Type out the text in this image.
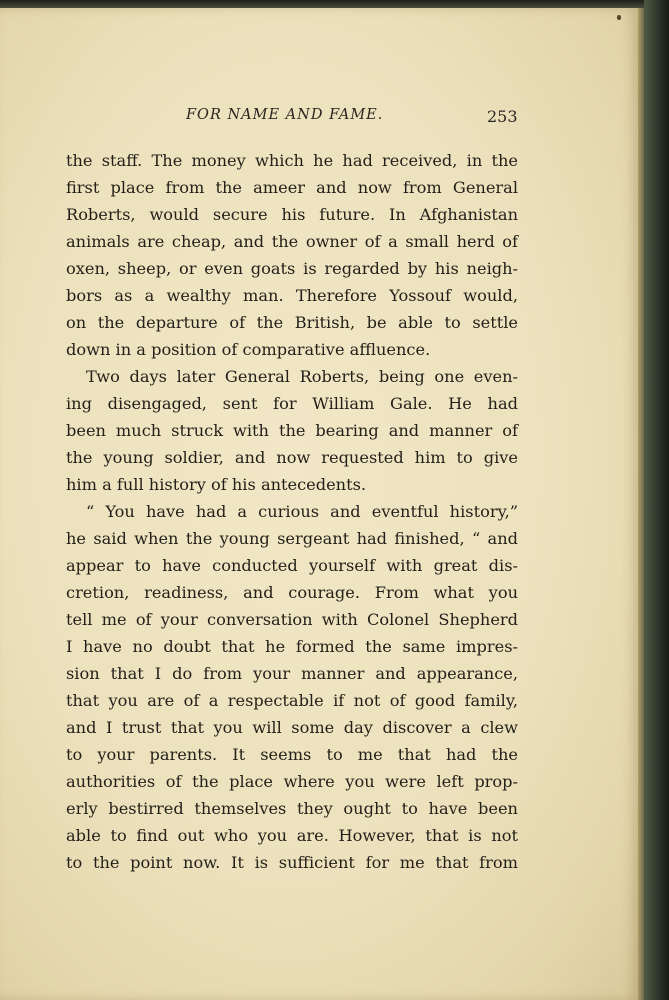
FOR NAME AND FAME.	253
the staff. The money which he had received, in the
first place from the ameer and now from General
Roberts, would secure his future. In Afghanistan
animals are cheap, and the owner of a small herd of
oxen, sheep, or even goats is regarded by his neigh-
bors as a wealthy man. Therefore Yossouf would,
on the departure of the British, be able to settle
down in a position of comparative affluence.
Two days later General Roberts, being one even-
ing disengaged, sent for William Gale. He had
been much struck with the bearing and manner of
the young soldier, and now requested him to give
him a full history of his antecedents.
“ You have had a curious and eventful history,”
he said when the young sergeant had finished, “ and
appear to have conducted yourself with great dis-
cretion, readiness, and courage. From what you
tell me of your conversation with Colonel Shepherd
I have no doubt that he formed the same impres-
sion that I do from your manner and appearance,
that you are of a respectable if not of good family,
and I trust that you will some day discover a clew
to your parents. It seems to me that had the
authorities of the place where you were left prop-
erly bestirred themselves they ought to have been
able to find out who you are. However, that is not
to the point now. It is sufficient for me that from
